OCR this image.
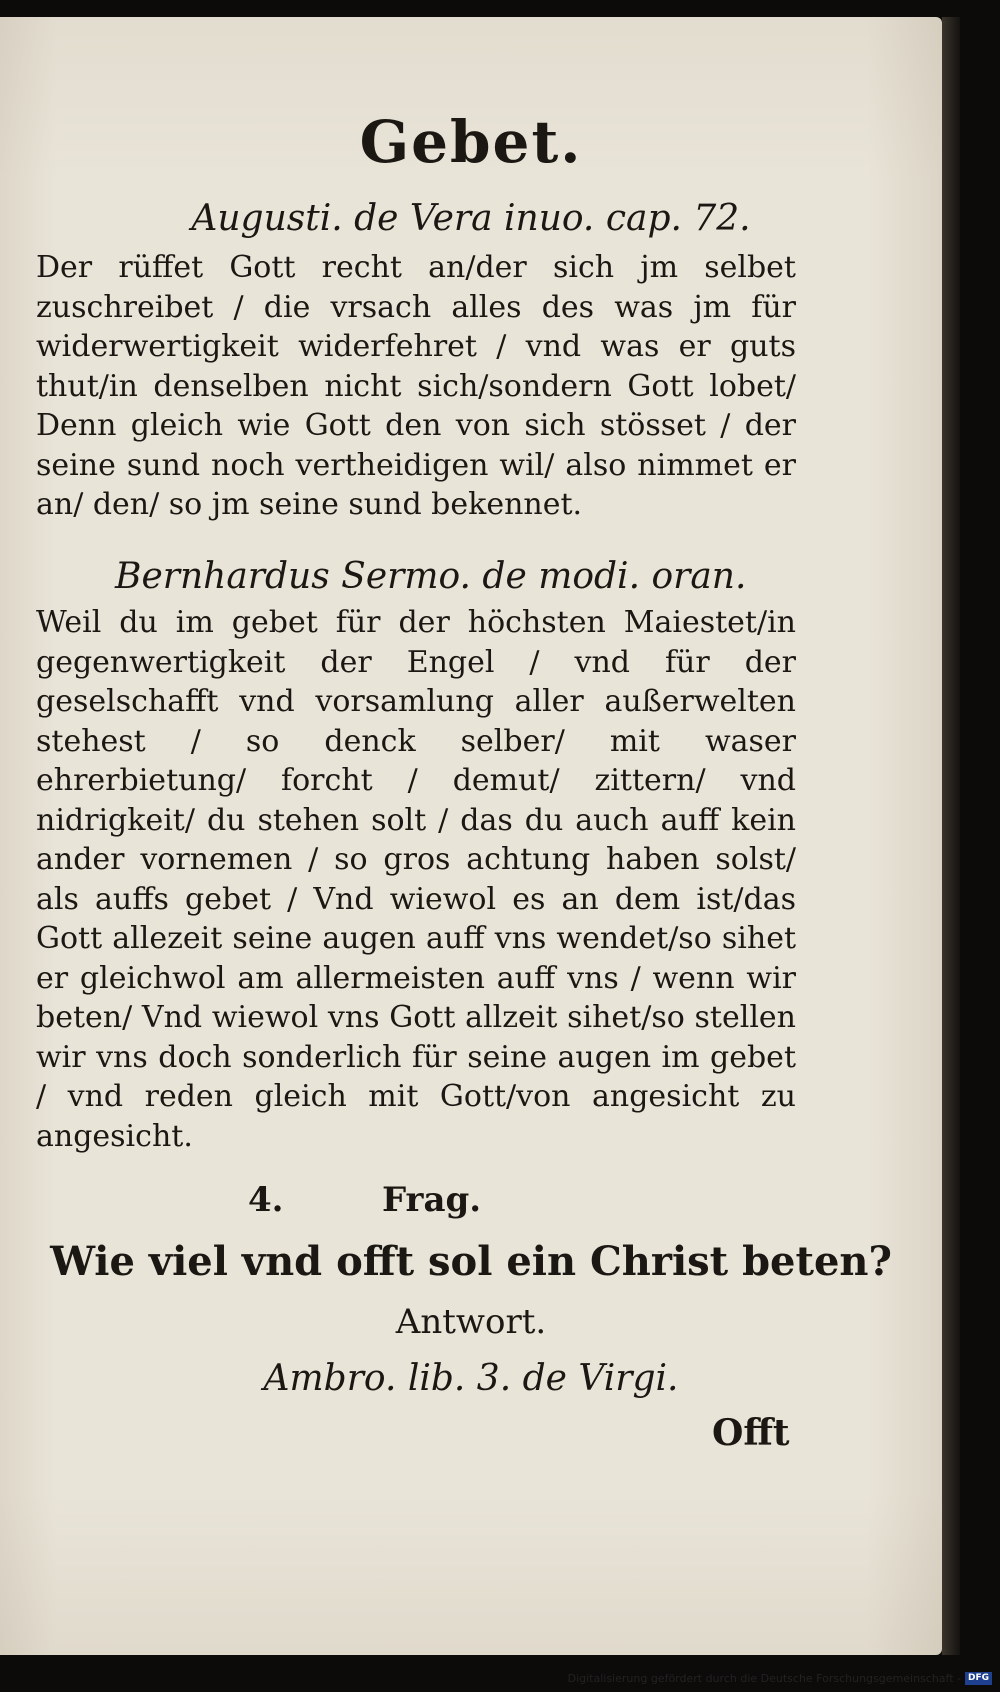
Gebet.
Augusti. de Vera inuo. cap. 72.
Der rüffet Gott recht an/der sich jm selbet zuschreibet / die vrsach alles des was jm für widerwertigkeit widerfehret / vnd was er guts thut/in denselben nicht sich/sondern Gott lobet/ Denn gleich wie Gott den von sich stösset / der seine sund noch vertheidigen wil/ also nimmet er an/ den/ so jm seine sund bekennet.
Bernhardus Sermo. de modi. oran.
Weil du im gebet für der höchsten Maiestet/in gegenwertigkeit der Engel / vnd für der geselschafft vnd vorsamlung aller außerwelten stehest / so denck selber/ mit waser ehrerbietung/ forcht / demut/ zittern/ vnd nidrigkeit/ du stehen solt / das du auch auff kein ander vornemen / so gros achtung haben solst/ als auffs gebet / Vnd wiewol es an dem ist/das Gott allezeit seine augen auff vns wendet/so sihet er gleichwol am allermeisten auff vns / wenn wir beten/ Vnd wiewol vns Gott allzeit sihet/so stellen wir vns doch sonderlich für seine augen im gebet / vnd reden gleich mit Gott/von angesicht zu angesicht.
4.	Frag.
Wie viel vnd offt sol ein Christ beten?
Antwort.
Ambro. lib. 3. de Virgi.
Offt
Digitalisierung gefördert durch die Deutsche Forschungsgemeinschaft - DFG
